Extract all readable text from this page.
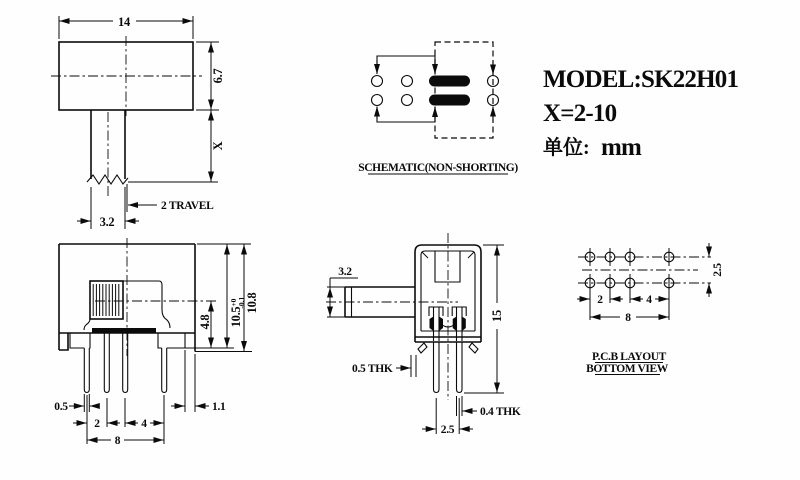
14
6.7
X
2 TRAVEL
3.2
SCHEMATIC(NON-SHORTING)
MODEL:SK22H01
X=2-10
单位: mm
4.8 $10.5^{+0}-0.1$ 10.8
0.5	1.1
2	4
8
3.2
15
0.5 THK
0.4 THK
2.5
2.5
2	4
8
P.C.B LAYOUT
BOTTOM VIEW
